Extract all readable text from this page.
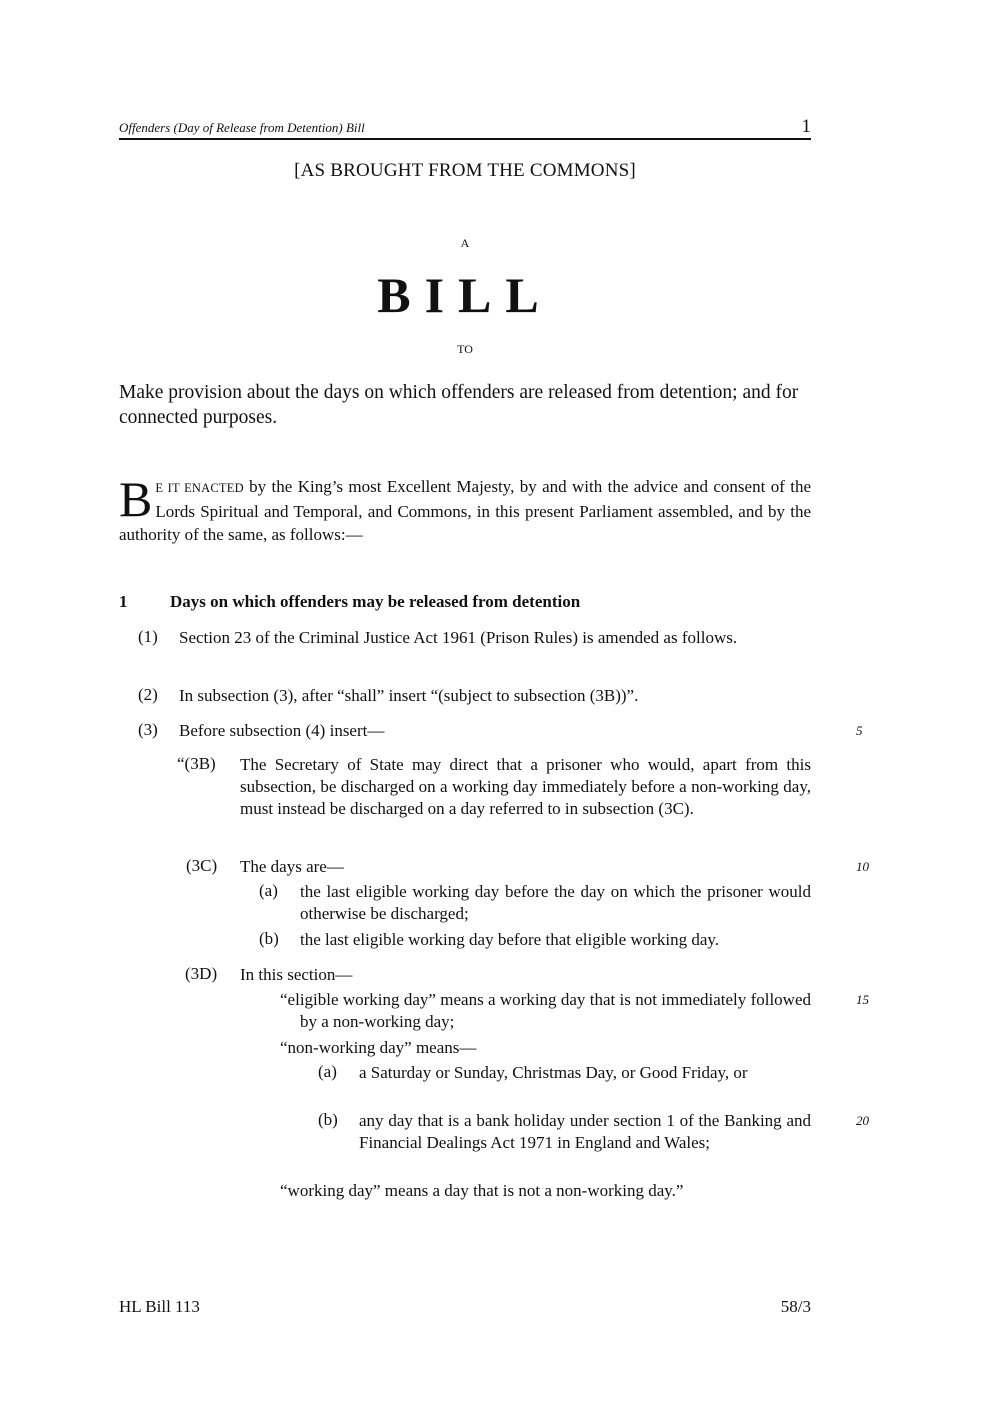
Offenders (Day of Release from Detention) Bill	1
[AS BROUGHT FROM THE COMMONS]
A
BILL
TO
Make provision about the days on which offenders are released from detention; and for connected purposes.
B E IT ENACTED by the King’s most Excellent Majesty, by and with the advice and consent of the Lords Spiritual and Temporal, and Commons, in this present Parliament assembled, and by the authority of the same, as follows:—
1	Days on which offenders may be released from detention
(1) Section 23 of the Criminal Justice Act 1961 (Prison Rules) is amended as follows.
(2) In subsection (3), after “shall” insert “(subject to subsection (3B))”.
(3) Before subsection (4) insert—	5
“(3B) The Secretary of State may direct that a prisoner who would, apart from this subsection, be discharged on a working day immediately before a non-working day, must instead be discharged on a day referred to in subsection (3C).
(3C) The days are—	10
(a) the last eligible working day before the day on which the prisoner would otherwise be discharged;
(b) the last eligible working day before that eligible working day.
(3D) In this section—
“eligible working day” means a working day that is not immediately followed by a non-working day;
15
“non-working day” means—
(a) a Saturday or Sunday, Christmas Day, or Good Friday, or
(b) any day that is a bank holiday under section 1 of the Banking and Financial Dealings Act 1971 in England and Wales;
20
“working day” means a day that is not a non-working day.”
HL Bill 113	58/3
